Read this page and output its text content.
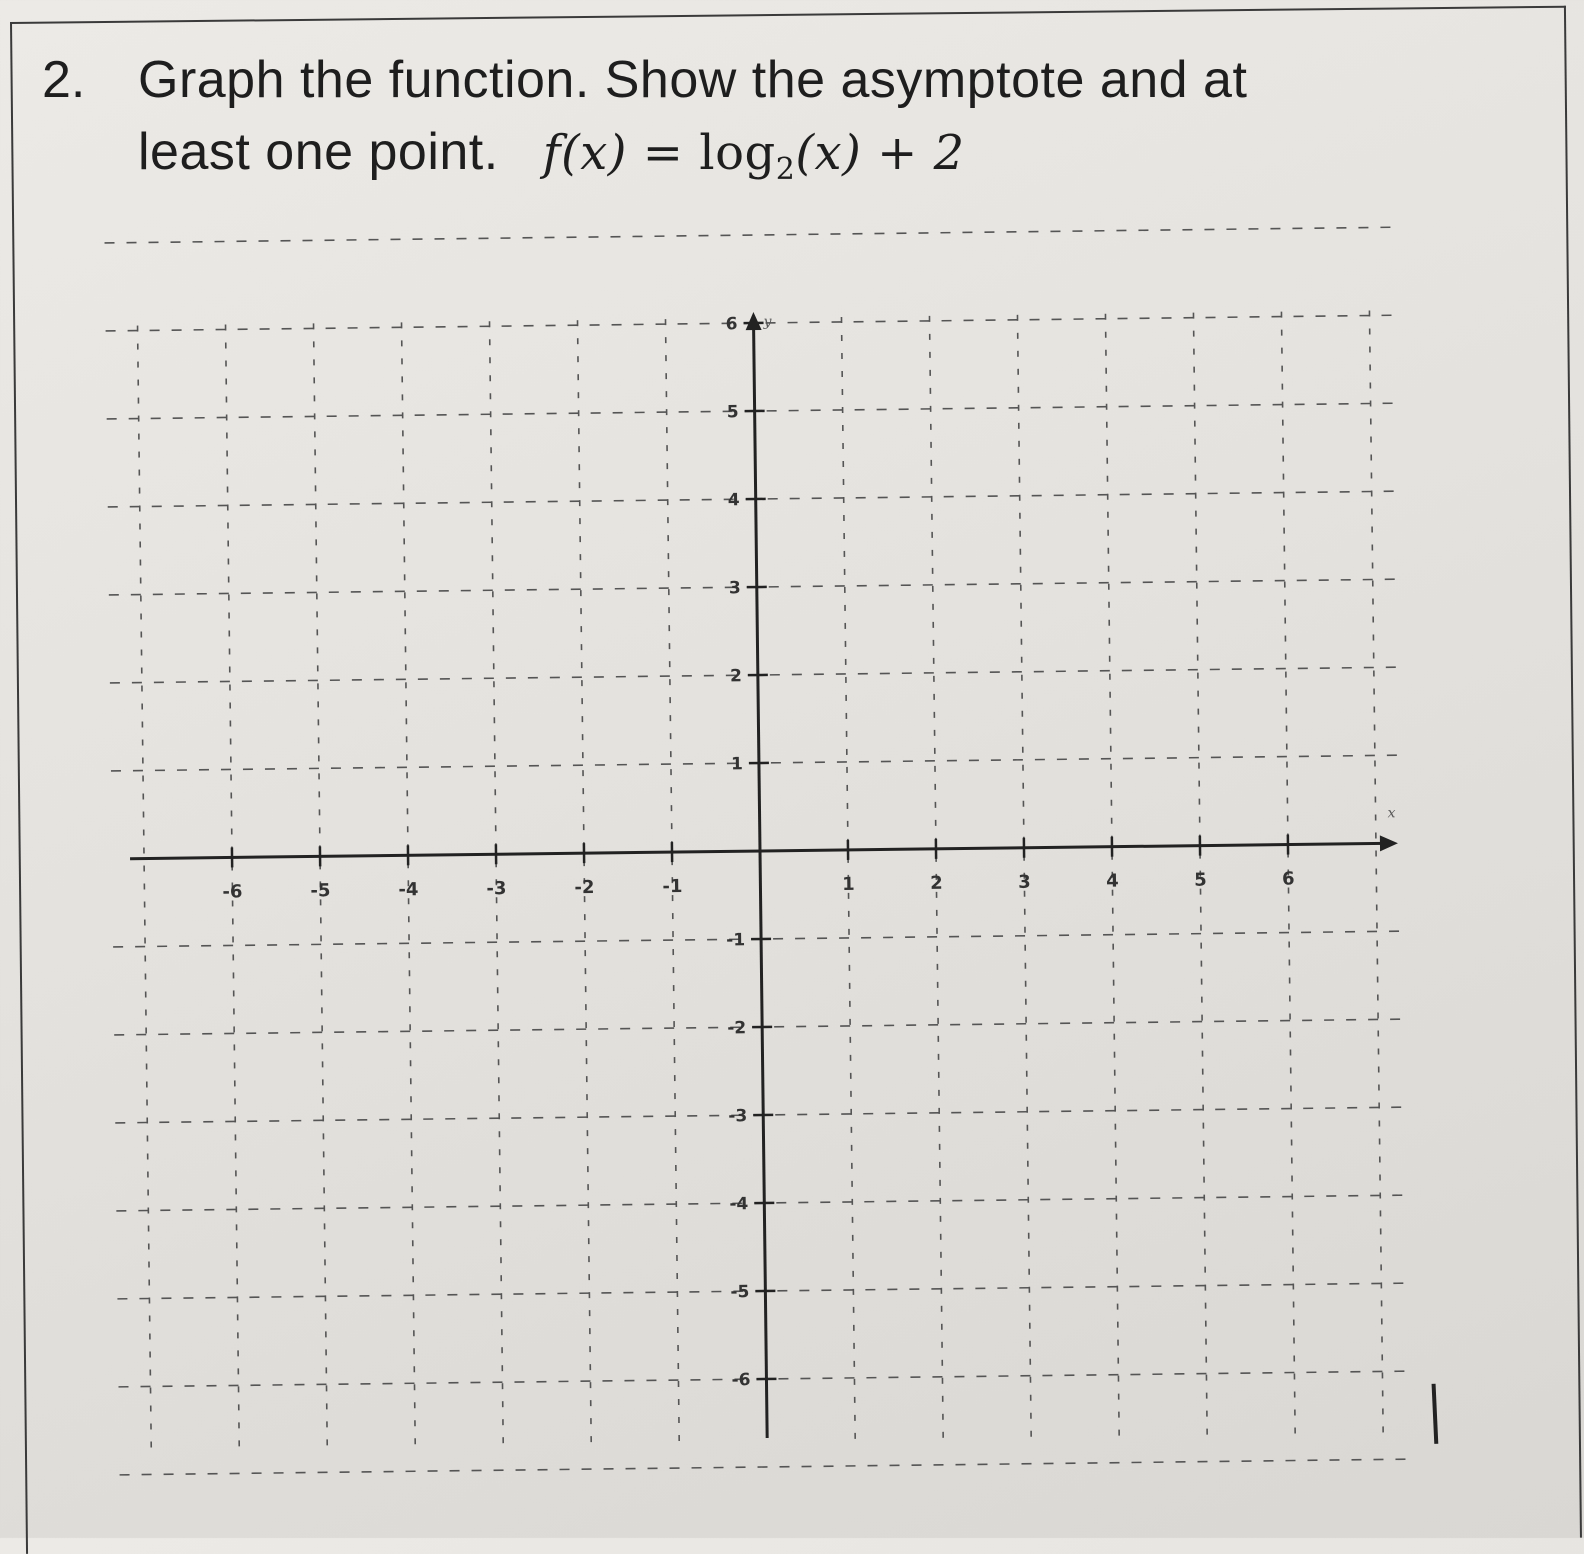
2. Graph the function. Show the asymptote and at
least one point. $f(x) = \log_2(x) + 2$
x
y
-6	-5	-4	-3	-2	-1	1	2	3	4	5	6
-6
-5
-4
-3
-2
-1
1
2
3
4
5
6
